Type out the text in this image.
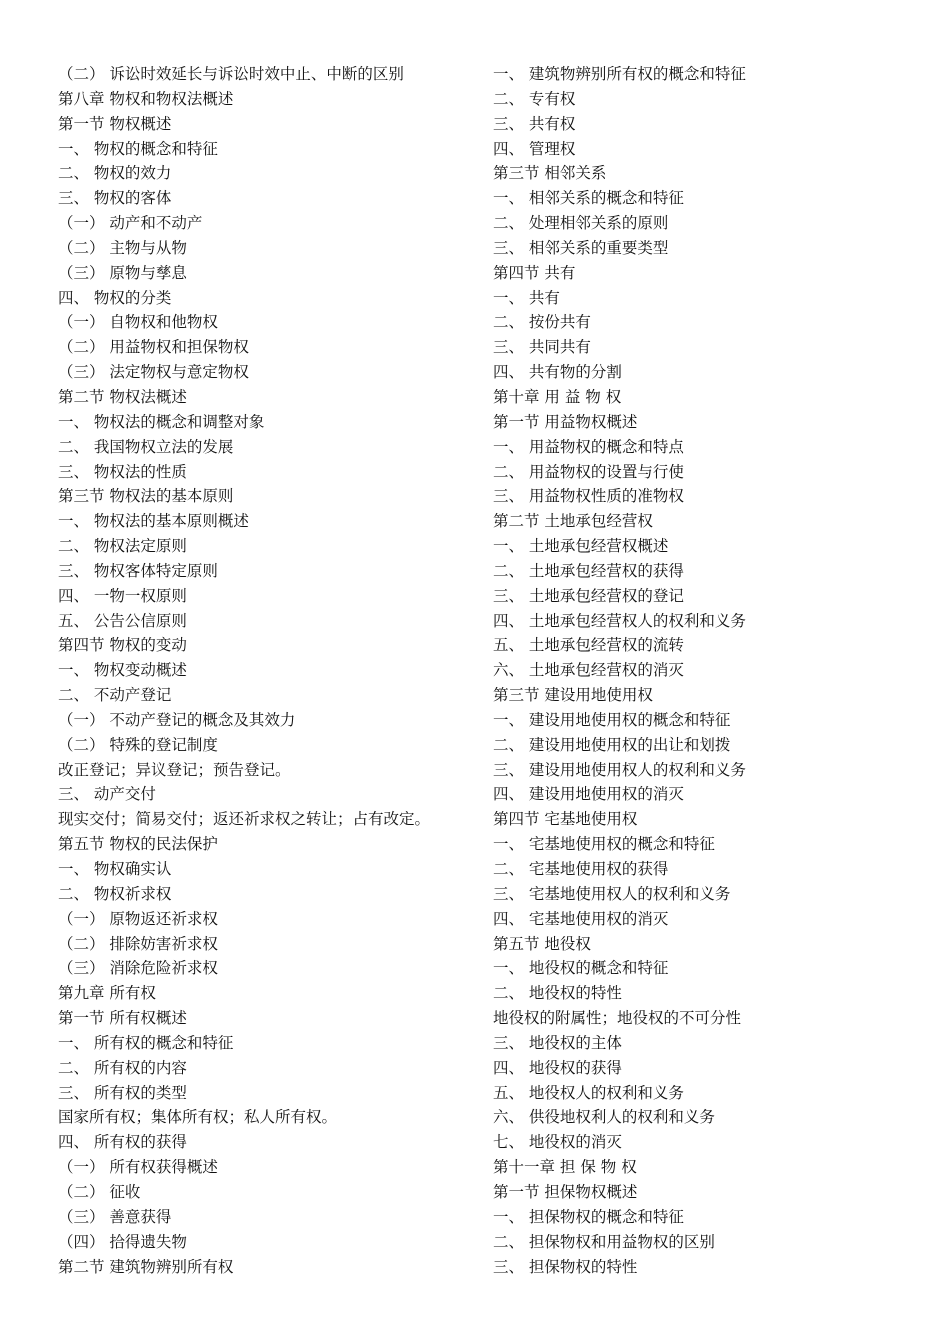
（二） 诉讼时效延长与诉讼时效中止、中断的区别
第八章 物权和物权法概述
第一节 物权概述
一、 物权的概念和特征
二、 物权的效力
三、 物权的客体
（一） 动产和不动产
（二） 主物与从物
（三） 原物与孳息
四、 物权的分类
（一） 自物权和他物权
（二） 用益物权和担保物权
（三） 法定物权与意定物权
第二节 物权法概述
一、 物权法的概念和调整对象
二、 我国物权立法的发展
三、 物权法的性质
第三节 物权法的基本原则
一、 物权法的基本原则概述
二、 物权法定原则
三、 物权客体特定原则
四、 一物一权原则
五、 公告公信原则
第四节 物权的变动
一、 物权变动概述
二、 不动产登记
（一） 不动产登记的概念及其效力
（二） 特殊的登记制度
改正登记；异议登记；预告登记。
三、 动产交付
现实交付；简易交付；返还祈求权之转让；占有改定。
第五节 物权的民法保护
一、 物权确实认
二、 物权祈求权
（一） 原物返还祈求权
（二） 排除妨害祈求权
（三） 消除危险祈求权
第九章 所有权
第一节 所有权概述
一、 所有权的概念和特征
二、 所有权的内容
三、 所有权的类型
国家所有权；集体所有权；私人所有权。
四、 所有权的获得
（一） 所有权获得概述
（二） 征收
（三） 善意获得
（四） 拾得遗失物
第二节 建筑物辨别所有权
一、 建筑物辨别所有权的概念和特征
二、 专有权
三、 共有权
四、 管理权
第三节 相邻关系
一、 相邻关系的概念和特征
二、 处理相邻关系的原则
三、 相邻关系的重要类型
第四节 共有
一、 共有
二、 按份共有
三、 共同共有
四、 共有物的分割
第十章 用 益 物 权
第一节 用益物权概述
一、 用益物权的概念和特点
二、 用益物权的设置与行使
三、 用益物权性质的准物权
第二节 土地承包经营权
一、 土地承包经营权概述
二、 土地承包经营权的获得
三、 土地承包经营权的登记
四、 土地承包经营权人的权利和义务
五、 土地承包经营权的流转
六、 土地承包经营权的消灭
第三节 建设用地使用权
一、 建设用地使用权的概念和特征
二、 建设用地使用权的出让和划拨
三、 建设用地使用权人的权利和义务
四、 建设用地使用权的消灭
第四节 宅基地使用权
一、 宅基地使用权的概念和特征
二、 宅基地使用权的获得
三、 宅基地使用权人的权利和义务
四、 宅基地使用权的消灭
第五节 地役权
一、 地役权的概念和特征
二、 地役权的特性
地役权的附属性；地役权的不可分性
三、 地役权的主体
四、 地役权的获得
五、 地役权人的权利和义务
六、 供役地权利人的权利和义务
七、 地役权的消灭
第十一章 担 保 物 权
第一节 担保物权概述
一、 担保物权的概念和特征
二、 担保物权和用益物权的区别
三、 担保物权的特性
